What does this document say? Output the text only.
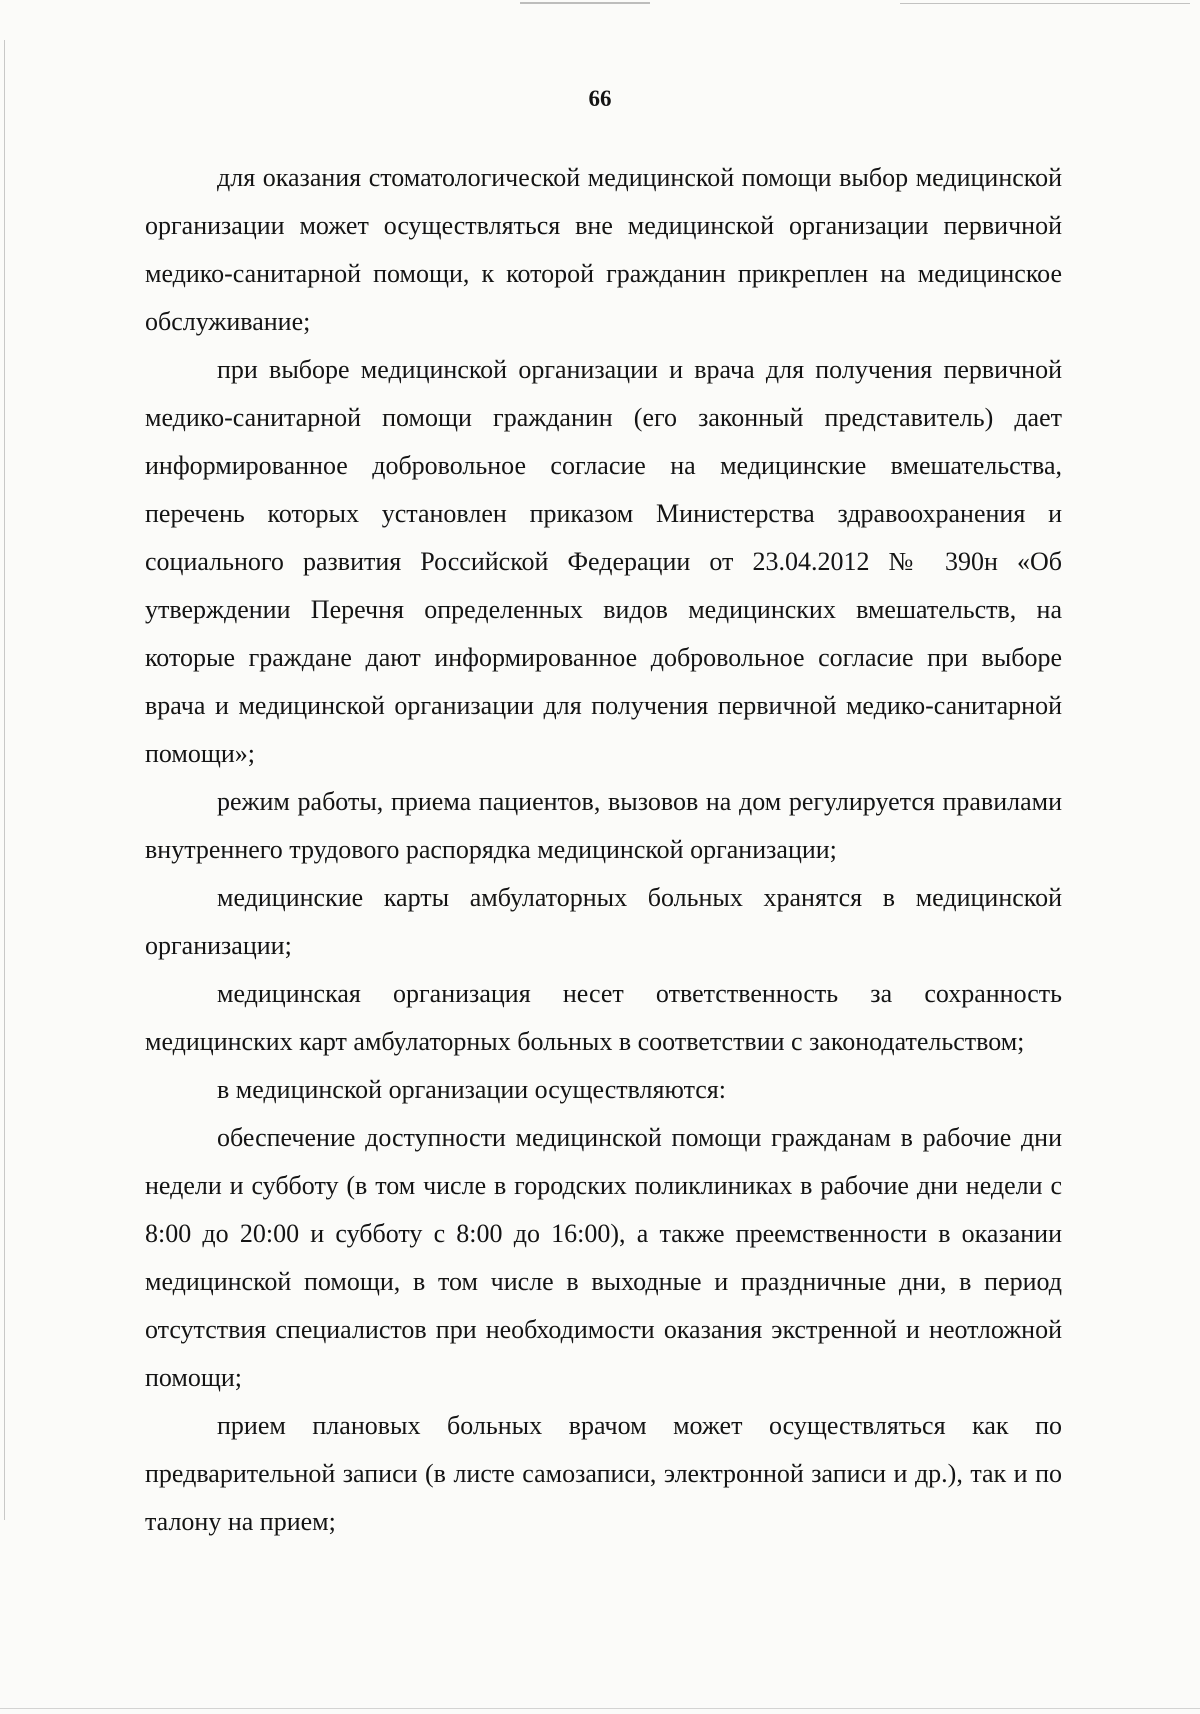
66

для оказания стоматологической медицинской помощи выбор медицинской организации может осуществляться вне медицинской организации первичной медико-санитарной помощи, к которой гражданин прикреплен на медицинское обслуживание;

при выборе медицинской организации и врача для получения первичной медико-санитарной помощи гражданин (его законный представитель) дает информированное добровольное согласие на медицинские вмешательства, перечень которых установлен приказом Министерства здравоохранения и социального развития Российской Федерации от 23.04.2012 № 390н «Об утверждении Перечня определенных видов медицинских вмешательств, на которые граждане дают информированное добровольное согласие при выборе врача и медицинской организации для получения первичной медико-санитарной помощи»;

режим работы, приема пациентов, вызовов на дом регулируется правилами внутреннего трудового распорядка медицинской организации;

медицинские карты амбулаторных больных хранятся в медицинской организации;

медицинская организация несет ответственность за сохранность медицинских карт амбулаторных больных в соответствии с законодательством;

в медицинской организации осуществляются:

обеспечение доступности медицинской помощи гражданам в рабочие дни недели и субботу (в том числе в городских поликлиниках в рабочие дни недели с 8:00 до 20:00 и субботу с 8:00 до 16:00), а также преемственности в оказании медицинской помощи, в том числе в выходные и праздничные дни, в период отсутствия специалистов при необходимости оказания экстренной и неотложной помощи;

прием плановых больных врачом может осуществляться как по предварительной записи (в листе самозаписи, электронной записи и др.), так и по талону на прием;
